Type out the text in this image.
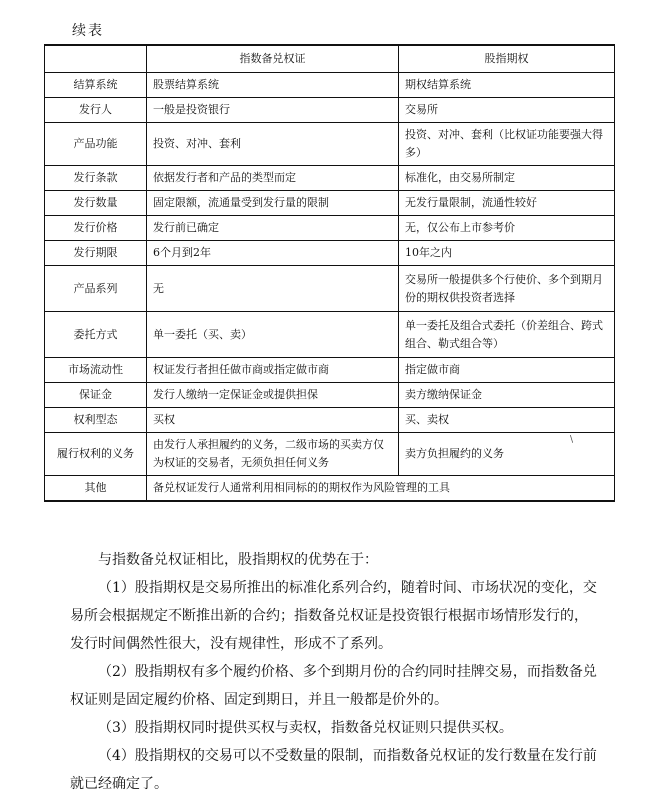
续表
	指数备兑权证	股指期权
结算系统	股票结算系统	期权结算系统
发行人	一般是投资银行	交易所
产品功能	投资、对冲、套利	投资、对冲、套利（比权证功能要强大得多）
发行条款	依据发行者和产品的类型而定	标准化，由交易所制定
发行数量	固定限额，流通量受到发行量的限制	无发行量限制，流通性较好
发行价格	发行前已确定	无，仅公布上市参考价
发行期限	6个月到2年	10年之内
产品系列	无	交易所一般提供多个行使价、多个到期月份的期权供投资者选择
委托方式	单一委托（买、卖）	单一委托及组合式委托（价差组合、跨式组合、勒式组合等）
市场流动性	权证发行者担任做市商或指定做市商	指定做市商
保证金	发行人缴纳一定保证金或提供担保	卖方缴纳保证金
权利型态	买权	买、卖权
履行权利的义务	由发行人承担履约的义务，二级市场的买卖方仅为权证的交易者，无须负担任何义务	卖方负担履约的义务
其他	备兑权证发行人通常利用相同标的的期权作为风险管理的工具	
\

与指数备兑权证相比，股指期权的优势在于：

（1）股指期权是交易所推出的标准化系列合约，随着时间、市场状况的变化，交易所会根据规定不断推出新的合约；指数备兑权证是投资银行根据市场情形发行的，发行时间偶然性很大，没有规律性，形成不了系列。

（2）股指期权有多个履约价格、多个到期月份的合约同时挂牌交易，而指数备兑权证则是固定履约价格、固定到期日，并且一般都是价外的。

（3）股指期权同时提供买权与卖权，指数备兑权证则只提供买权。

（4）股指期权的交易可以不受数量的限制，而指数备兑权证的发行数量在发行前就已经确定了。
